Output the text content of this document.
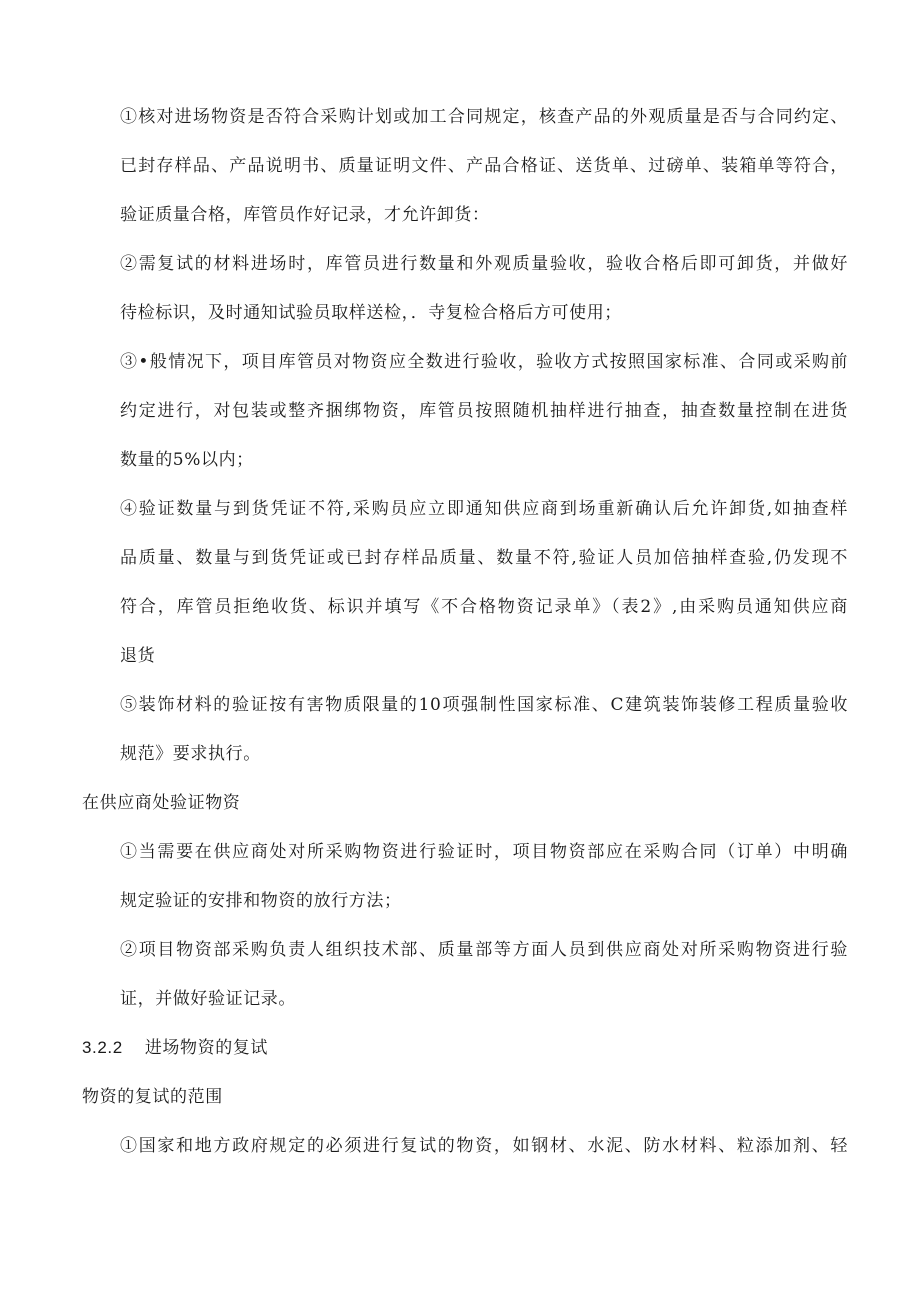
①核对进场物资是否符合采购计划或加工合同规定，核查产品的外观质量是否与合同约定、
已封存样品、产品说明书、质量证明文件、产品合格证、送货单、过磅单、装箱单等符合，
验证质量合格，库管员作好记录，才允许卸货：
②需复试的材料进场时，库管员进行数量和外观质量验收，验收合格后即可卸货，并做好
待检标识，及时通知试验员取样送检，．寺复检合格后方可使用；
③•般情况下，项目库管员对物资应全数进行验收，验收方式按照国家标准、合同或采购前
约定进行，对包装或整齐捆绑物资，库管员按照随机抽样进行抽查，抽查数量控制在进货
数量的5%以内；
④验证数量与到货凭证不符,采购员应立即通知供应商到场重新确认后允许卸货,如抽查样
品质量、数量与到货凭证或已封存样品质量、数量不符,验证人员加倍抽样查验,仍发现不
符合，库管员拒绝收货、标识并填写《不合格物资记录单》（表2》,由采购员通知供应商
退货
⑤装饰材料的验证按有害物质限量的10项强制性国家标准、C建筑装饰装修工程质量验收
规范》要求执行。
在供应商处验证物资
①当需要在供应商处对所采购物资进行验证时，项目物资部应在采购合同（订单）中明确
规定验证的安排和物资的放行方法；
②项目物资部采购负责人组织技术部、质量部等方面人员到供应商处对所采购物资进行验
证，并做好验证记录。
3.2.2 进场物资的复试
物资的复试的范围
①国家和地方政府规定的必须进行复试的物资，如钢材、水泥、防水材料、粒添加剂、轻
